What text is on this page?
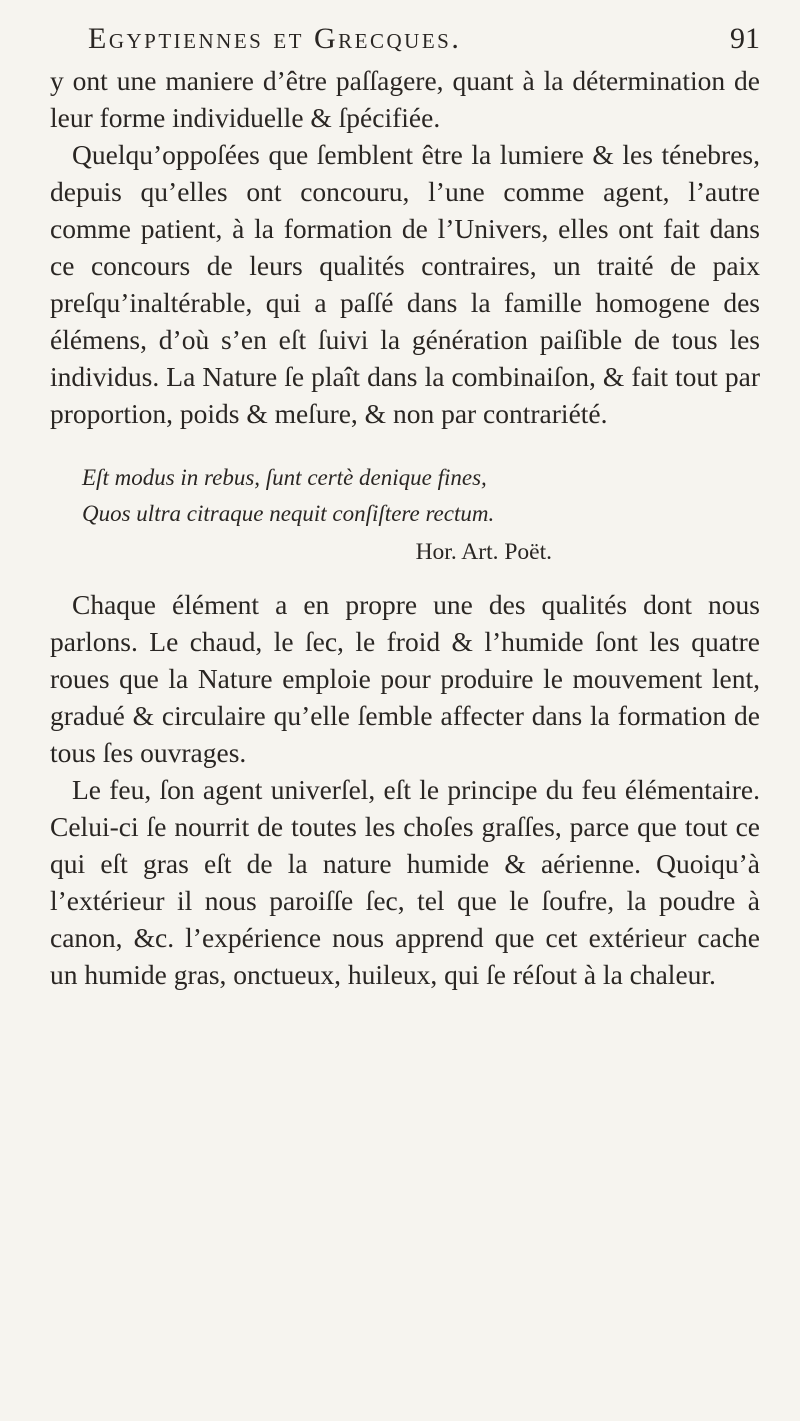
Egyptiennes et Grecques.	91

y ont une maniere d’être paſſagere, quant à la détermination de leur forme individuelle & ſpécifiée.

Quelqu’oppoſées que ſemblent être la lumiere & les ténebres, depuis qu’elles ont concouru, l’une comme agent, l’autre comme patient, à la formation de l’Univers, elles ont fait dans ce concours de leurs qualités contraires, un traité de paix preſqu’inaltérable, qui a paſſé dans la famille homogene des élémens, d’où s’en eſt ſuivi la génération paiſible de tous les individus. La Nature ſe plaît dans la combinaiſon, & fait tout par proportion, poids & meſure, & non par contrariété.

Eſt modus in rebus, ſunt certè denique fines,
Quos ultra citraque nequit conſiſtere rectum.
Hor. Art. Poët.

Chaque élément a en propre une des qualités dont nous parlons. Le chaud, le ſec, le froid & l’humide ſont les quatre roues que la Nature emploie pour produire le mouvement lent, gradué & circulaire qu’elle ſemble affecter dans la formation de tous ſes ouvrages.

Le feu, ſon agent univerſel, eſt le principe du feu élémentaire. Celui-ci ſe nourrit de toutes les choſes graſſes, parce que tout ce qui eſt gras eſt de la nature humide & aérienne. Quoiqu’à l’extérieur il nous paroiſſe ſec, tel que le ſoufre, la poudre à canon, &c. l’expérience nous apprend que cet extérieur cache un humide gras, onctueux, huileux, qui ſe réſout à la chaleur.
